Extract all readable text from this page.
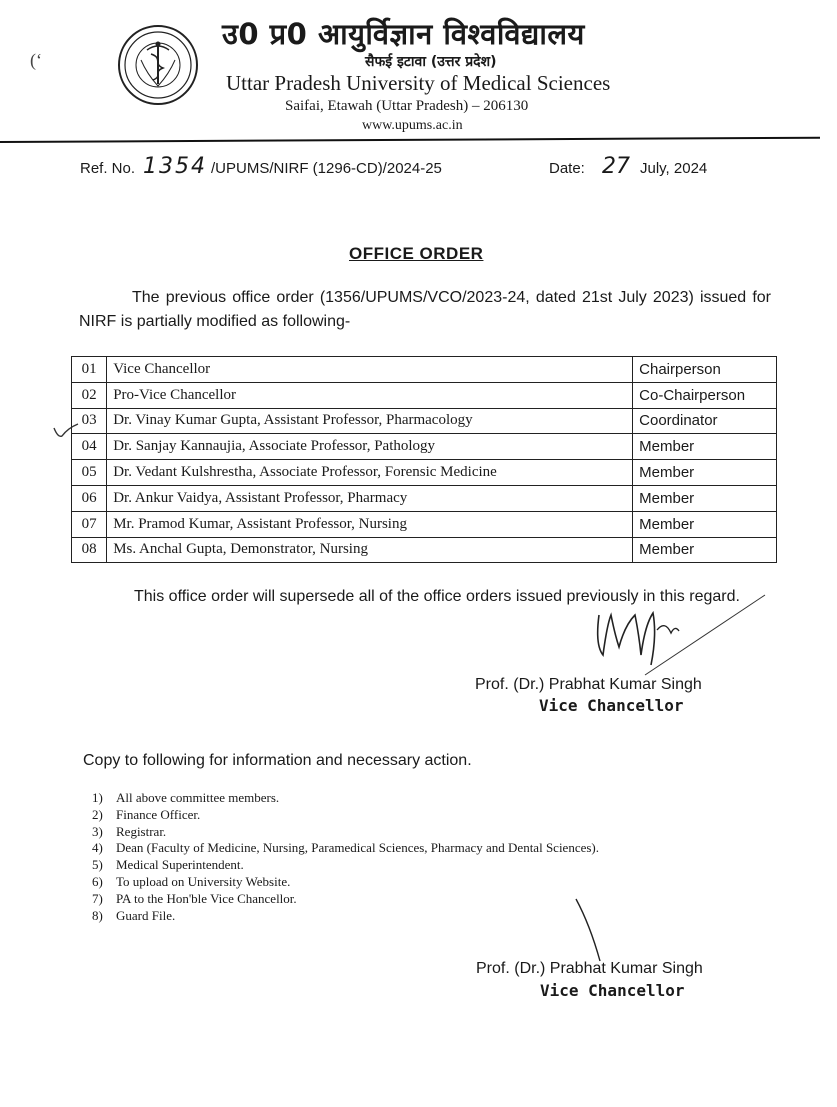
(‘
उ0 प्र0 आयुर्विज्ञान विश्वविद्यालय
सैफई इटावा (उत्तर प्रदेश)
Uttar Pradesh University of Medical Sciences
Saifai, Etawah (Uttar Pradesh) – 206130
www.upums.ac.in
Ref. No. 1354 /UPUMS/NIRF (1296-CD)/2024-25	Date: 27 July, 2024
OFFICE ORDER
The previous office order (1356/UPUMS/VCO/2023-24, dated 21st July 2023) issued for NIRF is partially modified as following-
01	Vice Chancellor	Chairperson
02	Pro-Vice Chancellor	Co-Chairperson
03	Dr. Vinay Kumar Gupta, Assistant Professor, Pharmacology	Coordinator
04	Dr. Sanjay Kannaujia, Associate Professor, Pathology	Member
05	Dr. Vedant Kulshrestha, Associate Professor, Forensic Medicine	Member
06	Dr. Ankur Vaidya, Assistant Professor, Pharmacy	Member
07	Mr. Pramod Kumar, Assistant Professor, Nursing	Member
08	Ms. Anchal Gupta, Demonstrator, Nursing	Member
This office order will supersede all of the office orders issued previously in this regard.
Prof. (Dr.) Prabhat Kumar Singh
Vice Chancellor
Copy to following for information and necessary action.
1) All above committee members.
2) Finance Officer.
3) Registrar.
4) Dean (Faculty of Medicine, Nursing, Paramedical Sciences, Pharmacy and Dental Sciences).
5) Medical Superintendent.
6) To upload on University Website.
7) PA to the Hon'ble Vice Chancellor.
8) Guard File.
Prof. (Dr.) Prabhat Kumar Singh
Vice Chancellor
